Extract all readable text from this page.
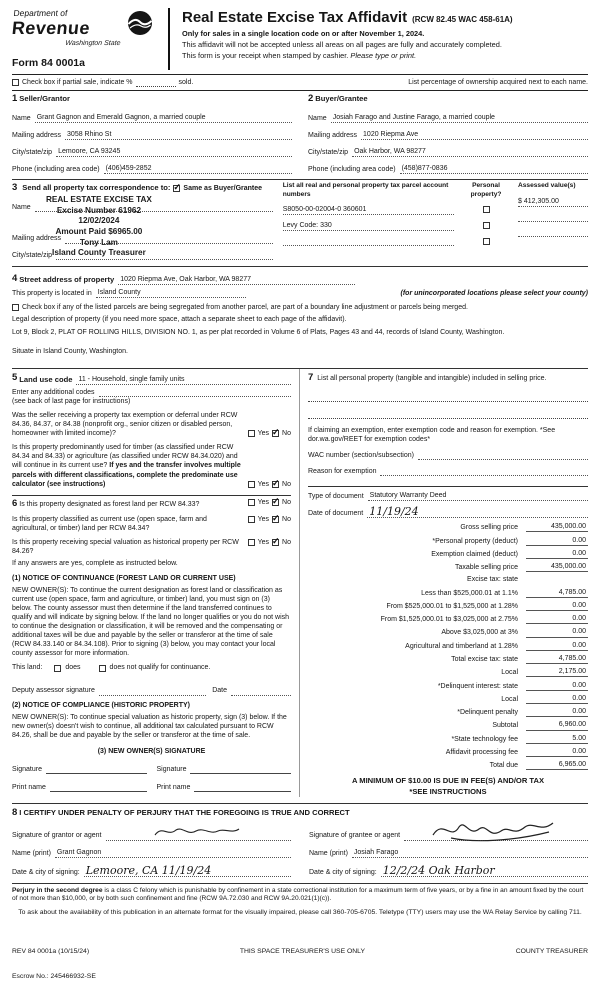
Department of
Revenue
Washington State
Form 84 0001a
Real Estate Excise Tax Affidavit (RCW 82.45 WAC 458-61A)
Only for sales in a single location code on or after November 1, 2024.
This affidavit will not be accepted unless all areas on all pages are fully and accurately completed.
This form is your receipt when stamped by cashier. Please type or print.
Check box if partial sale, indicate %	sold.	List percentage of ownership acquired next to each name.
1 Seller/Grantor
Name Grant Gagnon and Emerald Gagnon, a married couple
Mailing address 3058 Rhino St
City/state/zip Lemoore, CA 93245
Phone (including area code) (406)459-2852
2 Buyer/Grantee
Name Josiah Farago and Justine Farago, a married couple
Mailing address 1020 Riepma Ave
City/state/zip Oak Harbor, WA 98277
Phone (including area code) (458)877-0836
3 Send all property tax correspondence to: ✓ Same as Buyer/Grantee
REAL ESTATE EXCISE TAX
Excise Number 61962
12/02/2024
Amount Paid $6965.00
Tony Lam
Island County Treasurer
Name
Mailing address
City/state/zip
List all real and personal property tax parcel account numbers
S8050-00-02004-0 360601
Levy Code: 330
Personal property?
Assessed value(s)
$ 412,305.00
4 Street address of property 1020 Riepma Ave, Oak Harbor, WA 98277
This property is located in Island County	(for unincorporated locations please select your county)
Check box if any of the listed parcels are being segregated from another parcel, are part of a boundary line adjustment or parcels being merged.
Legal description of property (if you need more space, attach a separate sheet to each page of the affidavit).
Lot 9, Block 2, PLAT OF ROLLING HILLS, DIVISION NO. 1, as per plat recorded in Volume 6 of Plats, Pages 43 and 44, records of Island County, Washington.
Situate in Island County, Washington.
5 Land use code 11 - Household, single family units
Enter any additional codes
(see back of last page for instructions)
Was the seller receiving a property tax exemption or deferral under RCW 84.36, 84.37, or 84.38 (nonprofit org., senior citizen or disabled person, homeowner with limited income)?	Yes ✓ No
Is this property predominantly used for timber (as classified under RCW 84.34 and 84.33) or agriculture (as classified under RCW 84.34.020) and will continue in its current use? If yes and the transfer involves multiple parcels with different classifications, complete the predominate use calculator (see instructions)	Yes ✓ No
6 Is this property designated as forest land per RCW 84.33?	Yes ✓ No
Is this property classified as current use (open space, farm and agricultural, or timber) land per RCW 84.34?
Yes ✓ No
Is this property receiving special valuation as historical property per RCW 84.26?
Yes ✓ No
If any answers are yes, complete as instructed below.
(1) NOTICE OF CONTINUANCE (FOREST LAND OR CURRENT USE)
NEW OWNER(S): To continue the current designation as forest land or classification as current use (open space, farm and agriculture, or timber) land, you must sign on (3) below. The county assessor must then determine if the land transferred continues to qualify and will indicate by signing below. If the land no longer qualifies or you do not wish to continue the designation or classification, it will be removed and the compensating or additional taxes will be due and payable by the seller or transferor at the time of sale (RCW 84.33.140 or 84.34.108). Prior to signing (3) below, you may contact your local county assessor for more information.
This land:	does	does not qualify for continuance.
Deputy assessor signature	Date
(2) NOTICE OF COMPLIANCE (HISTORIC PROPERTY)
NEW OWNER(S): To continue special valuation as historic property, sign (3) below. If the new owner(s) doesn't wish to continue, all additional tax calculated pursuant to RCW 84.26, shall be due and payable by the seller or transferor at the time of sale.
(3) NEW OWNER(S) SIGNATURE
Signature	Signature
Print name	Print name
7 List all personal property (tangible and intangible) included in selling price.
If claiming an exemption, enter exemption code and reason for exemption. *See dor.wa.gov/REET for exemption codes*
WAC number (section/subsection)
Reason for exemption
Type of document Statutory Warranty Deed
Date of document 11/19/24
Gross selling price	435,000.00
*Personal property (deduct)	0.00
Exemption claimed (deduct)	0.00
Taxable selling price	435,000.00
Excise tax: state
Less than $525,000.01 at 1.1%	4,785.00
From $525,000.01 to $1,525,000 at 1.28%	0.00
From $1,525,000.01 to $3,025,000 at 2.75%	0.00
Above $3,025,000 at 3%	0.00
Agricultural and timberland at 1.28%	0.00
Total excise tax: state	4,785.00
Local	2,175.00
*Delinquent interest: state	0.00
Local	0.00
*Delinquent penalty	0.00
Subtotal	6,960.00
*State technology fee	5.00
Affidavit processing fee	0.00
Total due	6,965.00
A MINIMUM OF $10.00 IS DUE IN FEE(S) AND/OR TAX
*SEE INSTRUCTIONS
8 I CERTIFY UNDER PENALTY OF PERJURY THAT THE FOREGOING IS TRUE AND CORRECT
Signature of grantor or agent
Name (print) Grant Gagnon
Date & city of signing: Lemoore, CA 11/19/24
Signature of grantee or agent
Name (print) Josiah Farago
Date & city of signing: 12/2/24 Oak Harbor
Perjury in the second degree is a class C felony which is punishable by confinement in a state correctional institution for a maximum term of five years, or by a fine in an amount fixed by the court of not more than $10,000, or by both such confinement and fine (RCW 9A.72.030 and RCW 9A.20.021(1)(c)).
To ask about the availability of this publication in an alternate format for the visually impaired, please call 360-705-6705. Teletype (TTY) users may use the WA Relay Service by calling 711.
REV 84 0001a (10/15/24)	THIS SPACE TREASURER'S USE ONLY	COUNTY TREASURER
Escrow No.: 245466932-SE
